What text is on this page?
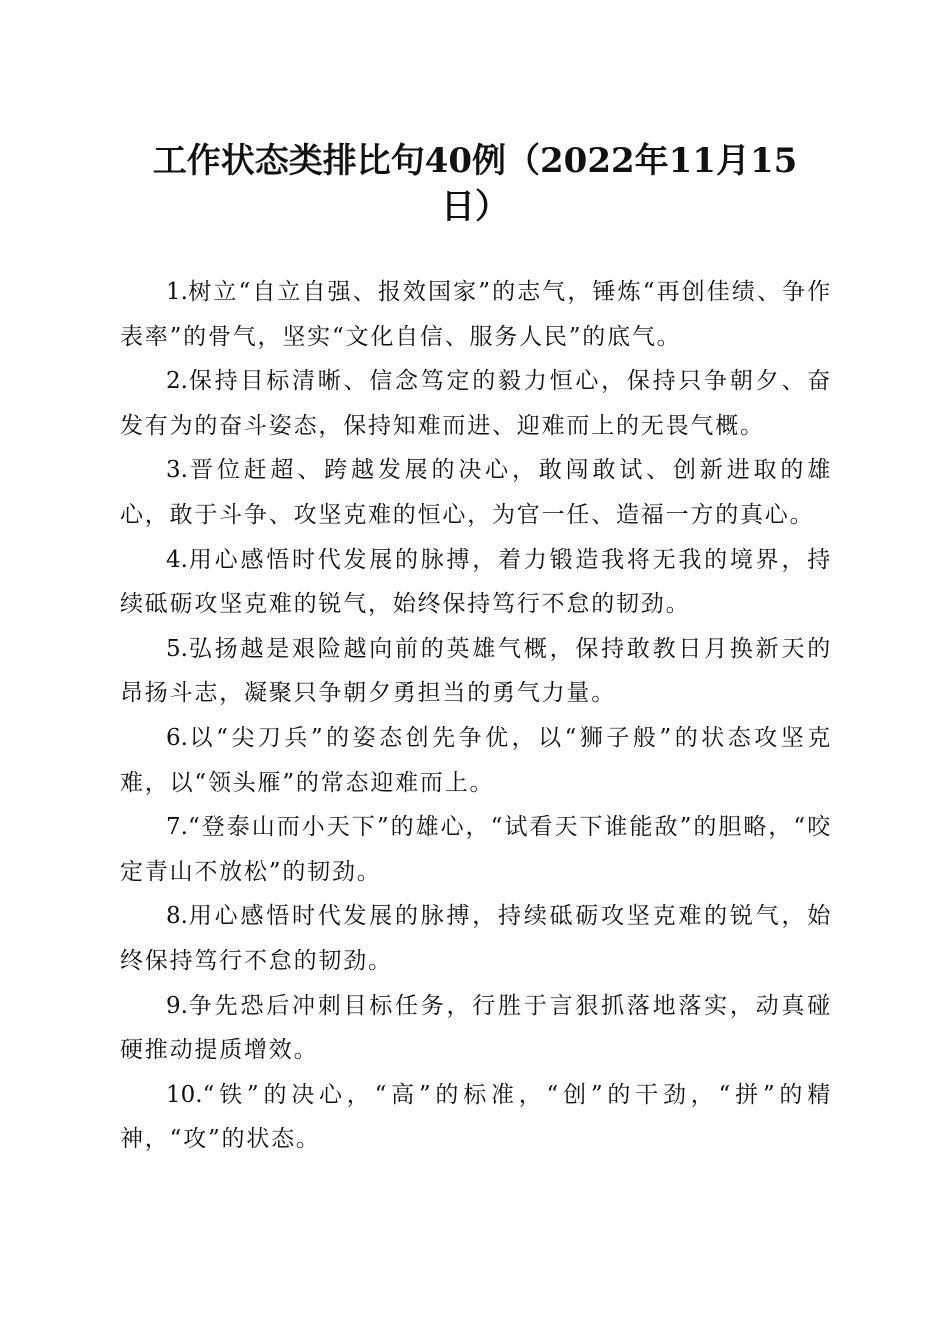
工作状态类排比句40例（2022年11月15
日）

1.树立“自立自强、报效国家”的志气，锤炼“再创佳绩、争作表率”的骨气，坚实“文化自信、服务人民”的底气。

2.保持目标清晰、信念笃定的毅力恒心，保持只争朝夕、奋发有为的奋斗姿态，保持知难而进、迎难而上的无畏气概。

3.晋位赶超、跨越发展的决心，敢闯敢试、创新进取的雄心，敢于斗争、攻坚克难的恒心，为官一任、造福一方的真心。

4.用心感悟时代发展的脉搏，着力锻造我将无我的境界，持续砥砺攻坚克难的锐气，始终保持笃行不怠的韧劲。

5.弘扬越是艰险越向前的英雄气概，保持敢教日月换新天的昂扬斗志，凝聚只争朝夕勇担当的勇气力量。

6.以“尖刀兵”的姿态创先争优，以“狮子般”的状态攻坚克难，以“领头雁”的常态迎难而上。

7.“登泰山而小天下”的雄心，“试看天下谁能敌”的胆略，“咬定青山不放松”的韧劲。

8.用心感悟时代发展的脉搏，持续砥砺攻坚克难的锐气，始终保持笃行不怠的韧劲。

9.争先恐后冲刺目标任务，行胜于言狠抓落地落实，动真碰硬推动提质增效。

10.“铁”的决心，“高”的标准，“创”的干劲，“拼”的精神，“攻”的状态。
